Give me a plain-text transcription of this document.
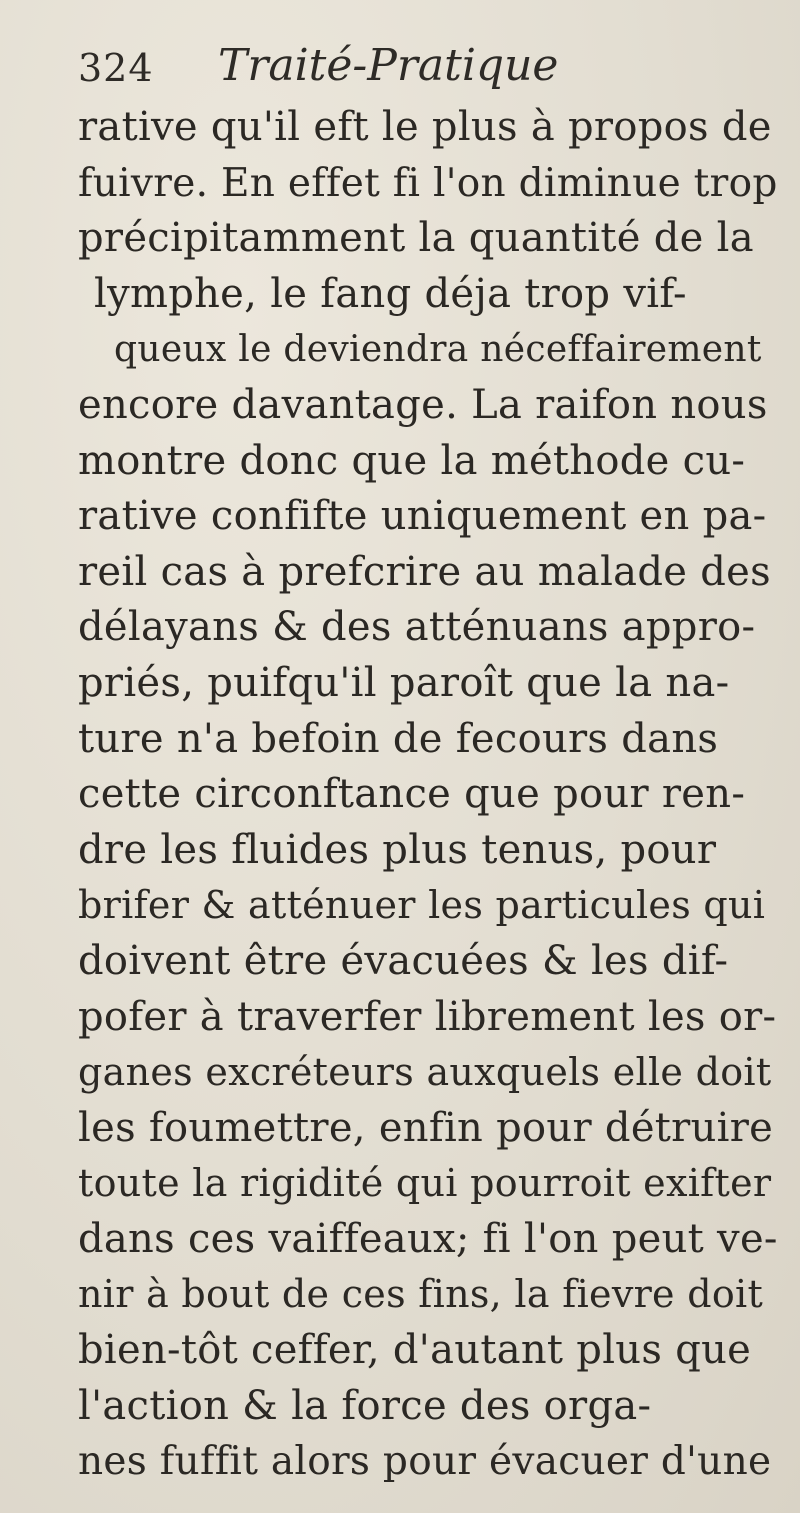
324 Traité-Pratique
rative qu'il eft le plus à propos de
fuivre. En effet fi l'on diminue trop
précipitamment la quantité de la
lymphe, le fang déja trop vif-
queux le deviendra néceffairement
encore davantage. La raifon nous
montre donc que la méthode cu-
rative confifte uniquement en pa-
reil cas à prefcrire au malade des
délayans & des atténuans appro-
priés, puifqu'il paroît que la na-
ture n'a befoin de fecours dans
cette circonftance que pour ren-
dre les fluides plus tenus, pour
brifer & atténuer les particules qui
doivent être évacuées & les dif-
pofer à traverfer librement les or-
ganes excréteurs auxquels elle doit
les foumettre, enfin pour détruire
toute la rigidité qui pourroit exifter
dans ces vaiffeaux; fi l'on peut ve-
nir à bout de ces fins, la fievre doit
bien-tôt ceffer, d'autant plus que
l'action & la force des orga-
nes fuffit alors pour évacuer d'une
